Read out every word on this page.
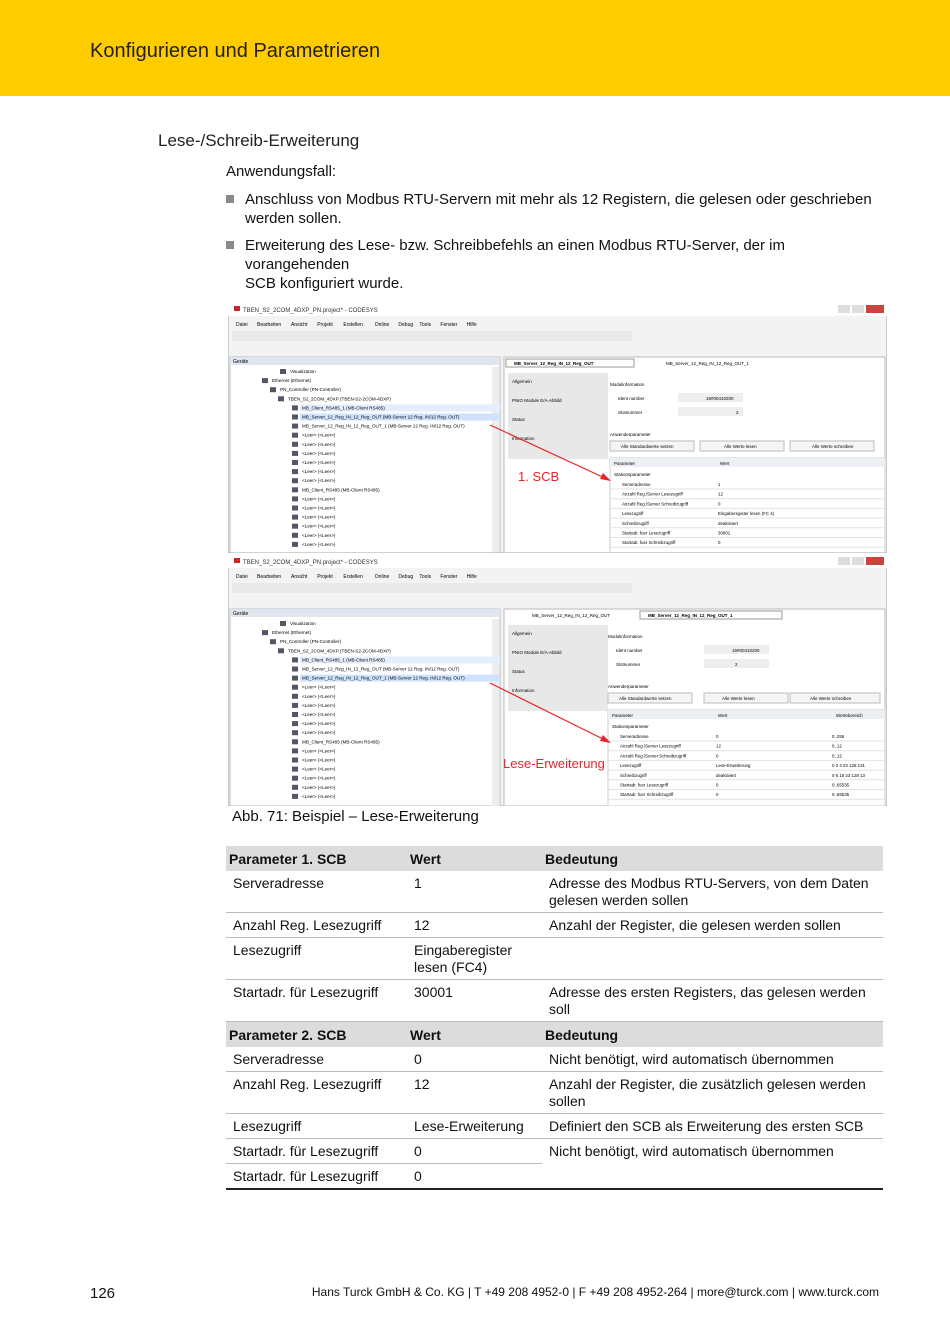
Konfigurieren und Parametrieren
Lese-/Schreib-Erweiterung
Anwendungsfall:
Anschluss von Modbus RTU-Servern mit mehr als 12 Registern, die gelesen oder geschrieben
werden sollen.
Erweiterung des Lese- bzw. Schreibbefehls an einen Modbus RTU-Server, der im vorangehenden
SCB konfiguriert wurde.
TBEN_S2_2COM_4DXP_PN.project* - CODESYS
Datei Bearbeiten Ansicht Projekt Erstellen Online Debug Tools Fenster Hilfe
Geräte
Visualization
Ethernet (Ethernet)
PN_Controller (PN-Controller)
TBEN_S2_2COM_4DXP (TBEN-S2-2COM-4DXP)
MB_Client_RS485_1 (MB-Client RS485)
MB_Server_12_Reg_IN_12_Reg_OUT (MB-Server 12 Reg. IN/12 Reg. OUT)
MB_Server_12_Reg_IN_12_Reg_OUT_1 (MB-Server 12 Reg. IN/12 Reg. OUT)
<Leer> (<Leer>)
<Leer> (<Leer>)
<Leer> (<Leer>)
<Leer> (<Leer>)
<Leer> (<Leer>)
<Leer> (<Leer>)
MB_Client_RS485 (MB-Client RS485)
<Leer> (<Leer>)
<Leer> (<Leer>)
<Leer> (<Leer>)
<Leer> (<Leer>)
<Leer> (<Leer>)
<Leer> (<Leer>)
MB_Server_12_Reg_IN_12_Reg_OUT	MB_Server_12_Reg_IN_12_Reg_OUT_1
Allgemein
PNIO Module E/A-Abbild
Status
Information
Modulinformation
Ident number	16#00410200
Slotnummer	2
Anwenderparameter
Alle Standardwerte setzen	Alle Werte lesen	Alle Werte schreiben
Parameter	Wert
Stationsparameter
Serveradresse	1
Anzahl Reg./Server Lesezugriff	12
Anzahl Reg./Server Schreibzugriff	0
Lesezugriff	Eingaberegister lesen (FC 4)
Schreibzugriff	deaktiviert
Startadr. fuer Lesezugriff	30001
Startadr. fuer Schreibzugriff	0
TBEN_S2_2COM_4DXP_PN.project* - CODESYS
Datei Bearbeiten Ansicht Projekt Erstellen Online Debug Tools Fenster Hilfe
Geräte
Visualization
Ethernet (Ethernet)
PN_Controller (PN-Controller)
TBEN_S2_2COM_4DXP (TBEN-S2-2COM-4DXP)
MB_Client_RS485_1 (MB-Client RS485)
MB_Server_12_Reg_IN_12_Reg_OUT (MB-Server 12 Reg. IN/12 Reg. OUT)
MB_Server_12_Reg_IN_12_Reg_OUT_1 (MB-Server 12 Reg. IN/12 Reg. OUT)
<Leer> (<Leer>)
<Leer> (<Leer>)
<Leer> (<Leer>)
<Leer> (<Leer>)
<Leer> (<Leer>)
<Leer> (<Leer>)
MB_Client_RS485 (MB-Client RS485)
<Leer> (<Leer>)
<Leer> (<Leer>)
<Leer> (<Leer>)
<Leer> (<Leer>)
<Leer> (<Leer>)
<Leer> (<Leer>)
MB_Server_12_Reg_IN_12_Reg_OUT	MB_Server_12_Reg_IN_12_Reg_OUT_1
Allgemein
PNIO Module E/A-Abbild
Status
Information
Modulinformation
Ident number	16#00410200
Slotnummer	2
Anwenderparameter
Alle Standardwerte setzen	Alle Werte lesen	Alle Werte schreiben
Parameter	Wert	Wertebereich
Stationsparameter
Serveradresse	0	0..255
Anzahl Reg./Server Lesezugriff	12	0..12
Anzahl Reg./Server Schreibzugriff	0	0..12
Lesezugriff	Lese-Erweiterung	0 3 4 23 128 131
Schreibzugriff	deaktiviert	0 6 16 23 128 13
Startadr. fuer Lesezugriff	0	0..65535
Startadr. fuer Schreibzugriff	0	0..65535
1. SCB
Lese-Erweiterung
Abb. 71: Beispiel – Lese-Erweiterung
Parameter 1. SCB	Wert	Bedeutung
Serveradresse	1	Adresse des Modbus RTU-Servers, von dem Daten
gelesen werden sollen
Anzahl Reg. Lesezugriff	12	Anzahl der Register, die gelesen werden sollen
Lesezugriff	Eingaberegister
lesen (FC4)	
Startadr. für Lesezugriff	30001	Adresse des ersten Registers, das gelesen werden soll
Parameter 2. SCB	Wert	Bedeutung
Serveradresse	0	Nicht benötigt, wird automatisch übernommen
Anzahl Reg. Lesezugriff	12	Anzahl der Register, die zusätzlich gelesen werden
sollen
Lesezugriff	Lese-Erweiterung	Definiert den SCB als Erweiterung des ersten SCB
Startadr. für Lesezugriff	0	Nicht benötigt, wird automatisch übernommen
Startadr. für Lesezugriff	0	
126	Hans Turck GmbH & Co. KG | T +49 208 4952-0 | F +49 208 4952-264 | more@turck.com | www.turck.com
